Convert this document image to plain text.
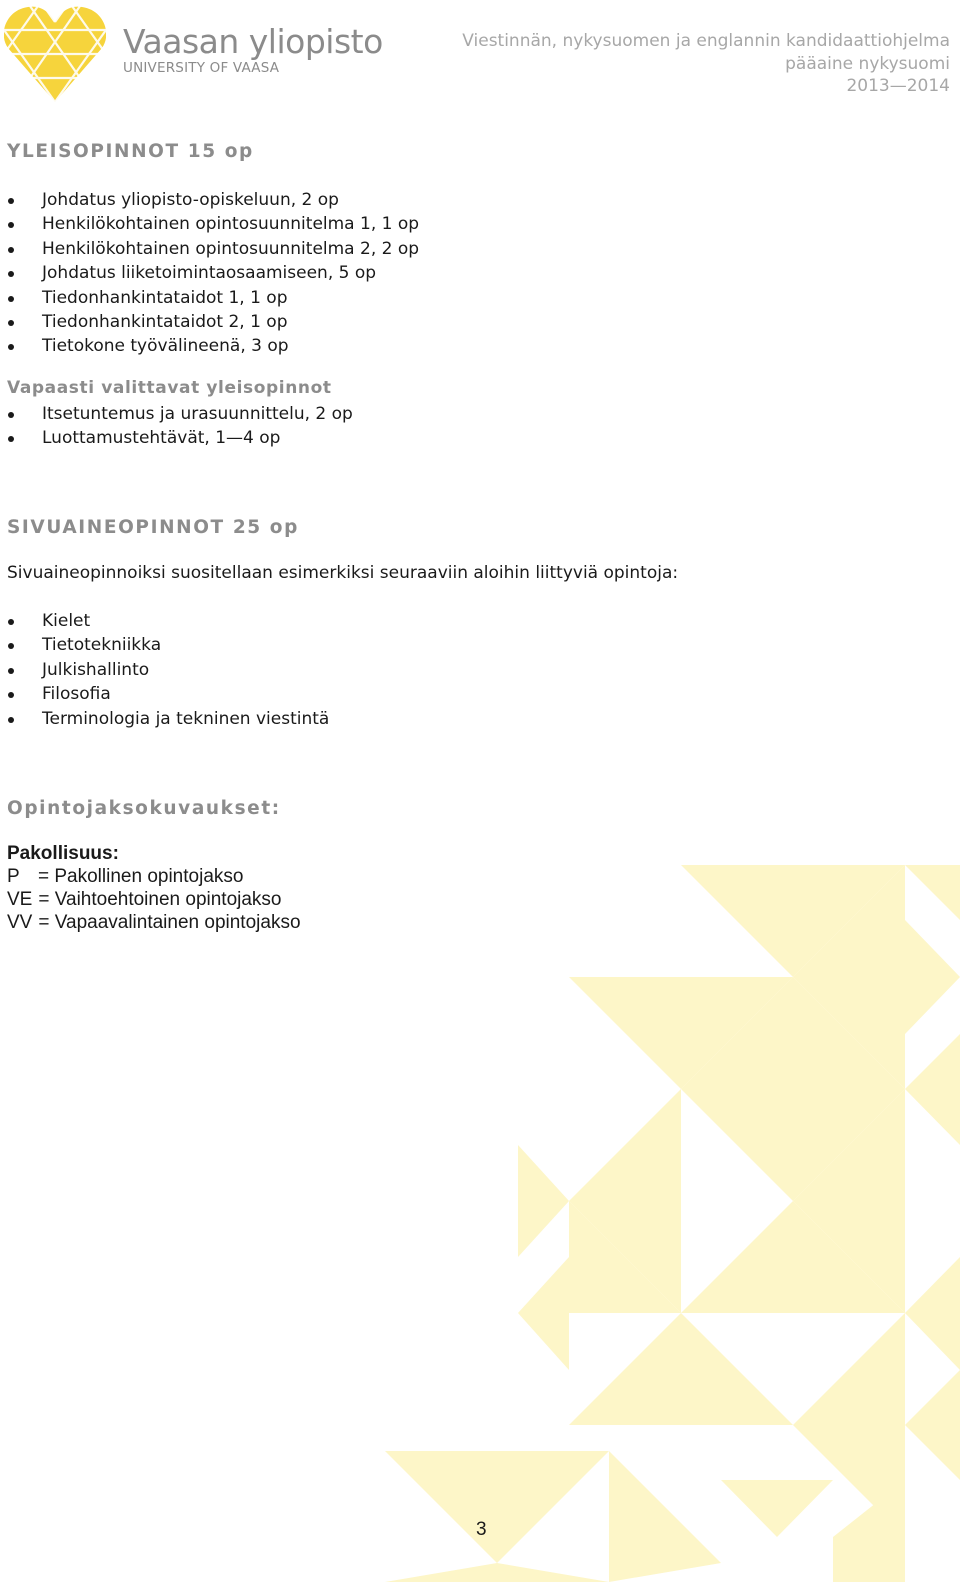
Vaasan yliopisto
UNIVERSITY OF VAASA
Viestinnän, nykysuomen ja englannin kandidaattiohjelma
pääaine nykysuomi
2013—2014
YLEISOPINNOT 15 op
Johdatus yliopisto-opiskeluun, 2 op
Henkilökohtainen opintosuunnitelma 1, 1 op
Henkilökohtainen opintosuunnitelma 2, 2 op
Johdatus liiketoimintaosaamiseen, 5 op
Tiedonhankintataidot 1, 1 op
Tiedonhankintataidot 2, 1 op
Tietokone työvälineenä, 3 op
Vapaasti valittavat yleisopinnot
Itsetuntemus ja urasuunnittelu, 2 op
Luottamustehtävät, 1—4 op
SIVUAINEOPINNOT 25 op
Sivuaineopinnoiksi suositellaan esimerkiksi seuraaviin aloihin liittyviä opintoja:
Kielet
Tietotekniikka
Julkishallinto
Filosofia
Terminologia ja tekninen viestintä
Opintojaksokuvaukset:
Pakollisuus:
P = Pakollinen opintojakso
VE = Vaihtoehtoinen opintojakso
VV = Vapaavalintainen opintojakso
3
